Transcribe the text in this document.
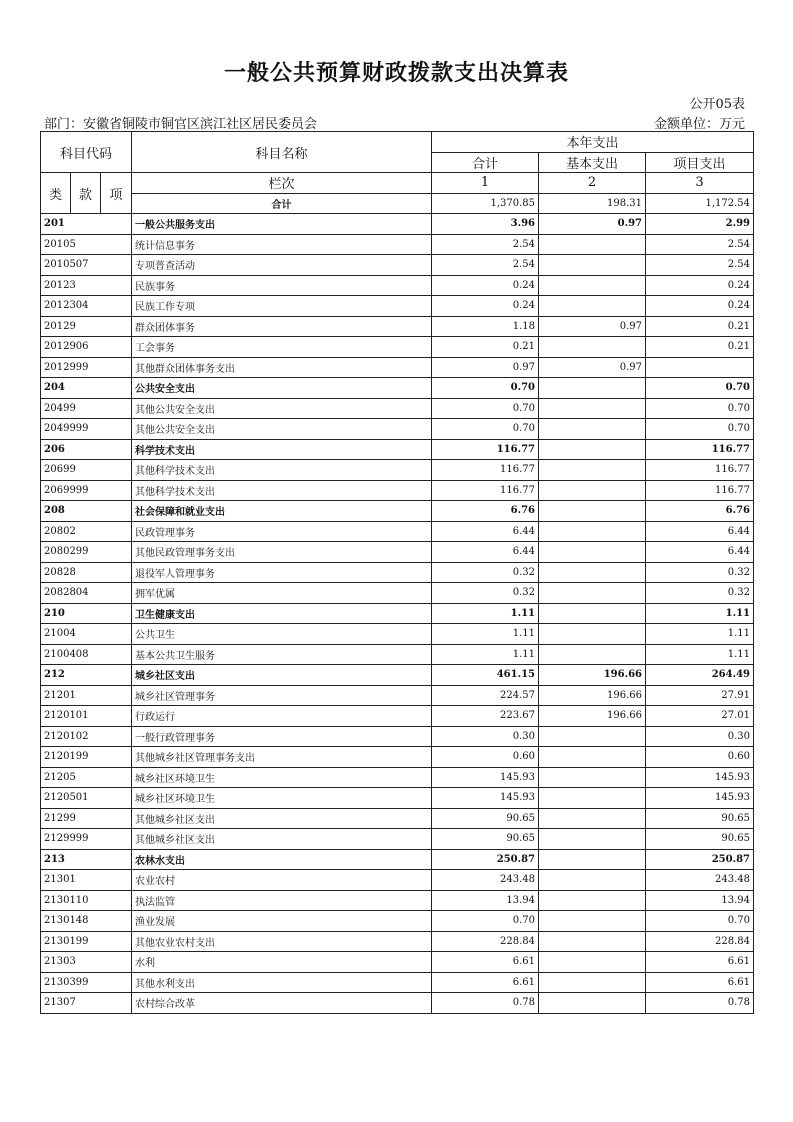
一般公共预算财政拨款支出决算表
公开05表
部门：安徽省铜陵市铜官区滨江社区居民委员会	金额单位：万元
科目代码			科目名称	本年支出		
				合计	基本支出	项目支出
类	款	项	栏次	1	2	3
			合计	1,370.85	198.31	1,172.54
201			一般公共服务支出	3.96	0.97	2.99
20105			统计信息事务	2.54		2.54
2010507			专项普查活动	2.54		2.54
20123			民族事务	0.24		0.24
2012304			民族工作专项	0.24		0.24
20129			群众团体事务	1.18	0.97	0.21
2012906			工会事务	0.21		0.21
2012999			其他群众团体事务支出	0.97	0.97	
204			公共安全支出	0.70		0.70
20499			其他公共安全支出	0.70		0.70
2049999			其他公共安全支出	0.70		0.70
206			科学技术支出	116.77		116.77
20699			其他科学技术支出	116.77		116.77
2069999			其他科学技术支出	116.77		116.77
208			社会保障和就业支出	6.76		6.76
20802			民政管理事务	6.44		6.44
2080299			其他民政管理事务支出	6.44		6.44
20828			退役军人管理事务	0.32		0.32
2082804			拥军优属	0.32		0.32
210			卫生健康支出	1.11		1.11
21004			公共卫生	1.11		1.11
2100408			基本公共卫生服务	1.11		1.11
212			城乡社区支出	461.15	196.66	264.49
21201			城乡社区管理事务	224.57	196.66	27.91
2120101			行政运行	223.67	196.66	27.01
2120102			一般行政管理事务	0.30		0.30
2120199			其他城乡社区管理事务支出	0.60		0.60
21205			城乡社区环境卫生	145.93		145.93
2120501			城乡社区环境卫生	145.93		145.93
21299			其他城乡社区支出	90.65		90.65
2129999			其他城乡社区支出	90.65		90.65
213			农林水支出	250.87		250.87
21301			农业农村	243.48		243.48
2130110			执法监管	13.94		13.94
2130148			渔业发展	0.70		0.70
2130199			其他农业农村支出	228.84		228.84
21303			水利	6.61		6.61
2130399			其他水利支出	6.61		6.61
21307			农村综合改革	0.78		0.78
